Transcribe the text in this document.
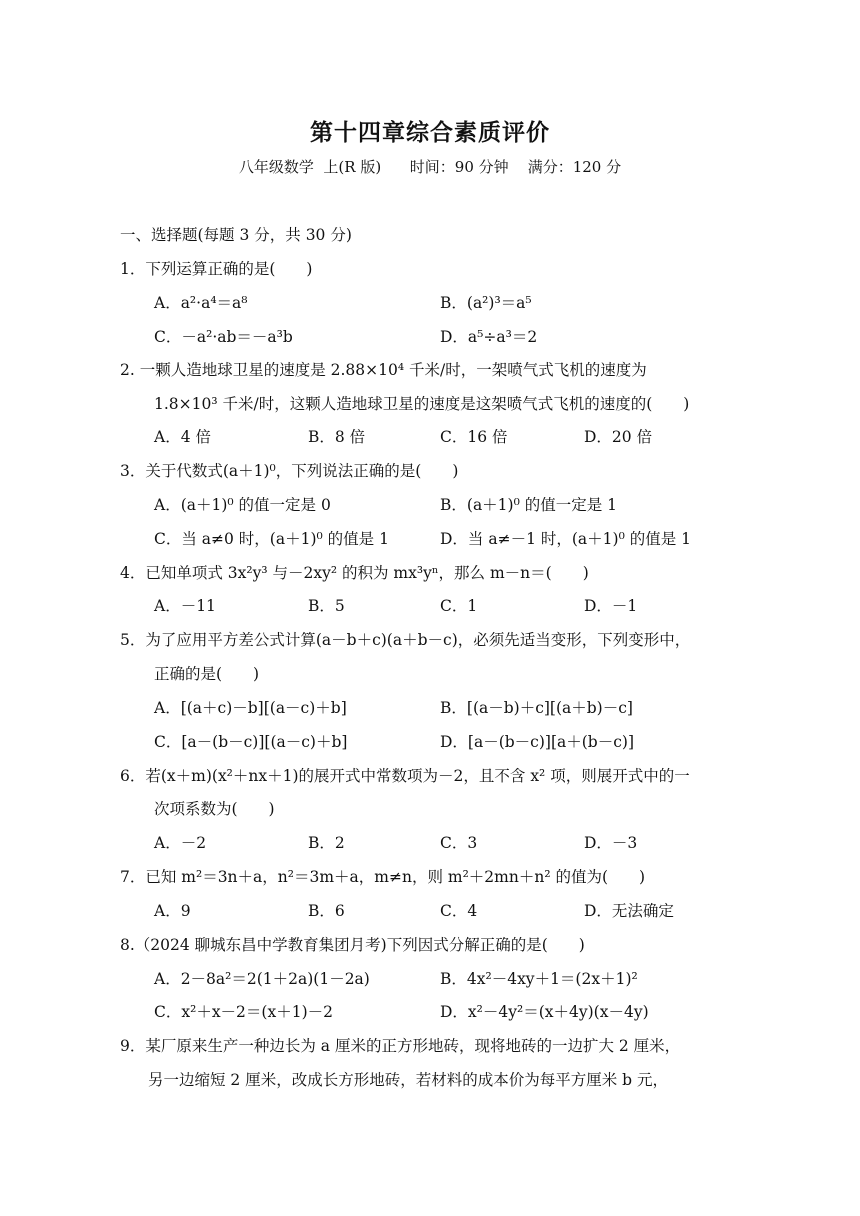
第十四章综合素质评价
八年级数学  上(R 版)      时间：90 分钟    满分：120 分
一、选择题(每题 3 分，共 30 分)
1．下列运算正确的是(　　)
A．a²·a⁴＝a⁸	B．(a²)³＝a⁵
C．－a²·ab＝－a³b	D．a⁵÷a³＝2
2. 一颗人造地球卫星的速度是 2.88×10⁴ 千米/时，一架喷气式飞机的速度为
1.8×10³ 千米/时，这颗人造地球卫星的速度是这架喷气式飞机的速度的(　　)
A．4 倍	B．8 倍	C．16 倍	D．20 倍
3．关于代数式(a＋1)⁰，下列说法正确的是(　　)
A．(a＋1)⁰ 的值一定是 0	B．(a＋1)⁰ 的值一定是 1
C．当 a≠0 时，(a＋1)⁰ 的值是 1	D．当 a≠－1 时，(a＋1)⁰ 的值是 1
4．已知单项式 3x²y³ 与－2xy² 的积为 mx³yⁿ，那么 m－n＝(　　)
A．－11	B．5	C．1	D．－1
5．为了应用平方差公式计算(a－b＋c)(a＋b－c)，必须先适当变形，下列变形中，
正确的是(　　)
A．[(a＋c)－b][(a－c)＋b]	B．[(a－b)＋c][(a＋b)－c]
C．[a－(b－c)][(a－c)＋b]	D．[a－(b－c)][a＋(b－c)]
6．若(x＋m)(x²＋nx＋1)的展开式中常数项为－2，且不含 x² 项，则展开式中的一
次项系数为(　　)
A．－2	B．2	C．3	D．－3
7．已知 m²＝3n＋a，n²＝3m＋a，m≠n，则 m²＋2mn＋n² 的值为(　　)
A．9	B．6	C．4	D．无法确定
8.（2024 聊城东昌中学教育集团月考)下列因式分解正确的是(　　)
A．2－8a²＝2(1＋2a)(1－2a)	B．4x²－4xy＋1＝(2x＋1)²
C．x²＋x－2＝(x＋1)－2	D．x²－4y²＝(x＋4y)(x－4y)
9．某厂原来生产一种边长为 a 厘米的正方形地砖，现将地砖的一边扩大 2 厘米，
另一边缩短 2 厘米，改成长方形地砖，若材料的成本价为每平方厘米 b 元，
